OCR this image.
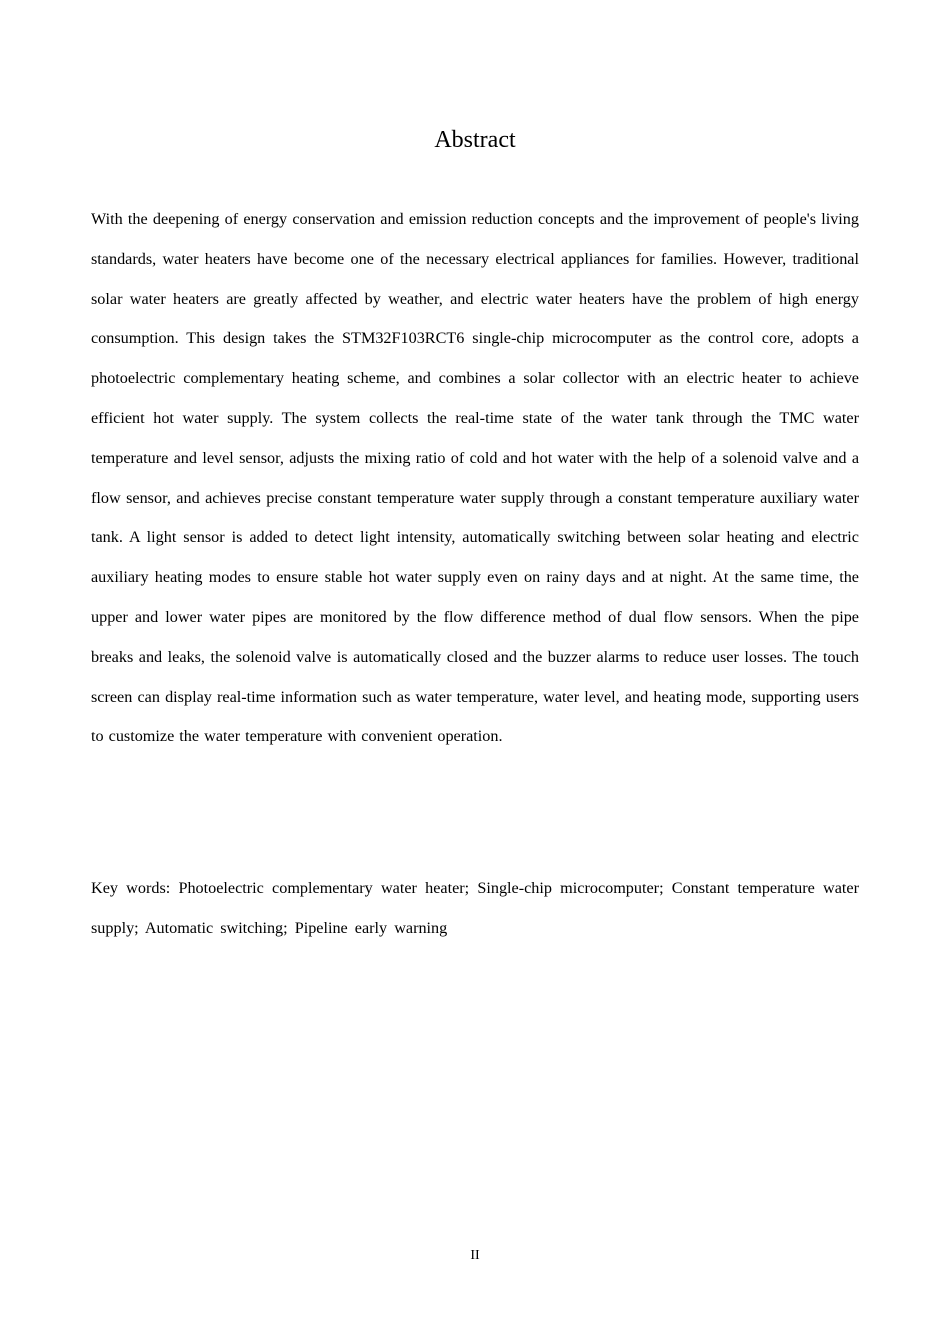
Abstract

With the deepening of energy conservation and emission reduction concepts and the improvement of people's living standards, water heaters have become one of the necessary electrical appliances for families. However, traditional solar water heaters are greatly affected by weather, and electric water heaters have the problem of high energy consumption. This design takes the STM32F103RCT6 single-chip microcomputer as the control core, adopts a photoelectric complementary heating scheme, and combines a solar collector with an electric heater to achieve efficient hot water supply. The system collects the real-time state of the water tank through the TMC water temperature and level sensor, adjusts the mixing ratio of cold and hot water with the help of a solenoid valve and a flow sensor, and achieves precise constant temperature water supply through a constant temperature auxiliary water tank. A light sensor is added to detect light intensity, automatically switching between solar heating and electric auxiliary heating modes to ensure stable hot water supply even on rainy days and at night. At the same time, the upper and lower water pipes are monitored by the flow difference method of dual flow sensors. When the pipe breaks and leaks, the solenoid valve is automatically closed and the buzzer alarms to reduce user losses. The touch screen can display real-time information such as water temperature, water level, and heating mode, supporting users to customize the water temperature with convenient operation.

Key words: Photoelectric complementary water heater; Single-chip microcomputer; Constant temperature water supply; Automatic switching; Pipeline early warning

II
